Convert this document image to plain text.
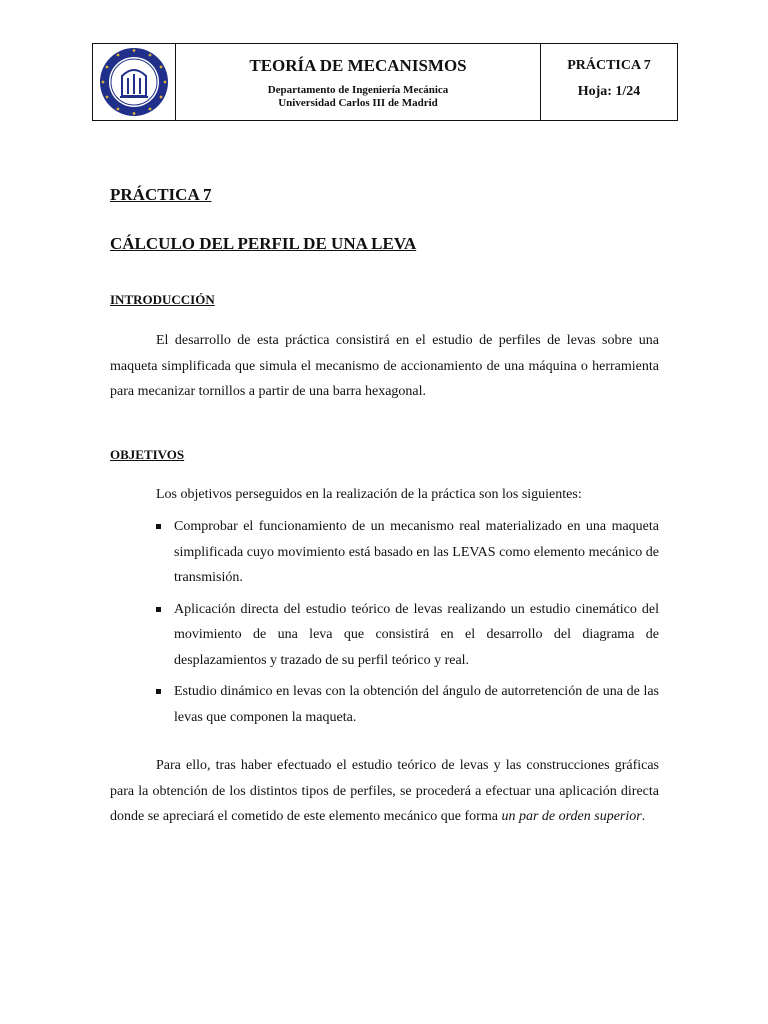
TEORÍA DE MECANISMOS
Departamento de Ingeniería Mecánica
Universidad Carlos III de Madrid
PRÁCTICA 7
Hoja: 1/24
PRÁCTICA 7
CÁLCULO DEL PERFIL DE UNA LEVA
INTRODUCCIÓN
El desarrollo de esta práctica consistirá en el estudio de perfiles de levas sobre una maqueta simplificada que simula el mecanismo de accionamiento de una máquina o herramienta para mecanizar tornillos a partir de una barra hexagonal.
OBJETIVOS
Los objetivos perseguidos en la realización de la práctica son los siguientes:
Comprobar el funcionamiento de un mecanismo real materializado en una maqueta simplificada cuyo movimiento está basado en las LEVAS como elemento mecánico de transmisión.
Aplicación directa del estudio teórico de levas realizando un estudio cinemático del movimiento de una leva que consistirá en el desarrollo del diagrama de desplazamientos y trazado de su perfil teórico y real.
Estudio dinámico en levas con la obtención del ángulo de autorretención de una de las levas que componen la maqueta.
Para ello, tras haber efectuado el estudio teórico de levas y las construcciones gráficas para la obtención de los distintos tipos de perfiles, se procederá a efectuar una aplicación directa donde se apreciará el cometido de este elemento mecánico que forma un par de orden superior.
